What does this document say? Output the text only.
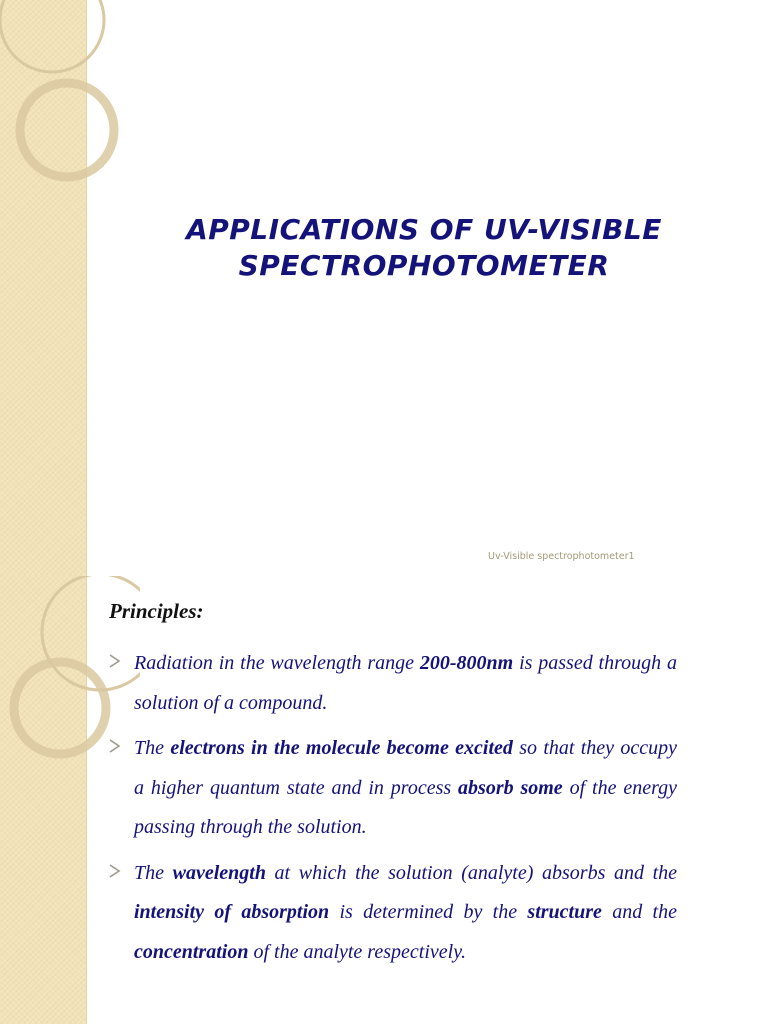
APPLICATIONS OF UV-VISIBLE
SPECTROPHOTOMETER
Uv-Visible spectrophotometer1
Principles:
Radiation in the wavelength range 200-800nm is passed through a solution of a compound.
The electrons in the molecule become excited so that they occupy a higher quantum state and in process absorb some of the energy passing through the solution.
The wavelength at which the solution (analyte) absorbs and the intensity of absorption is determined by the structure and the concentration of the analyte respectively.
